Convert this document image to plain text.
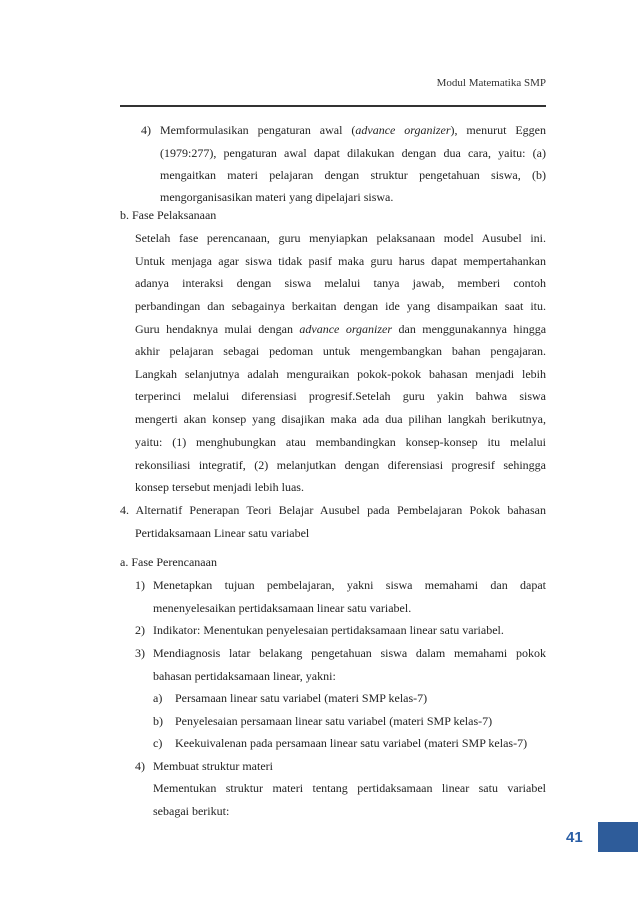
Modul Matematika SMP
4) Memformulasikan pengaturan awal (advance organizer), menurut Eggen
(1979:277), pengaturan awal dapat dilakukan dengan dua cara, yaitu: (a)
mengaitkan materi pelajaran dengan struktur pengetahuan siswa, (b)
mengorganisasikan materi yang dipelajari siswa.
b. Fase Pelaksanaan
Setelah fase perencanaan, guru menyiapkan pelaksanaan model Ausubel ini.
Untuk menjaga agar siswa tidak pasif maka guru harus dapat mempertahankan
adanya interaksi dengan siswa melalui tanya jawab, memberi contoh
perbandingan dan sebagainya berkaitan dengan ide yang disampaikan saat itu.
Guru hendaknya mulai dengan advance organizer dan menggunakannya hingga
akhir pelajaran sebagai pedoman untuk mengembangkan bahan pengajaran.
Langkah selanjutnya adalah menguraikan pokok-pokok bahasan menjadi lebih
terperinci melalui diferensiasi progresif.Setelah guru yakin bahwa siswa
mengerti akan konsep yang disajikan maka ada dua pilihan langkah berikutnya,
yaitu: (1) menghubungkan atau membandingkan konsep-konsep itu melalui
rekonsiliasi integratif, (2) melanjutkan dengan diferensiasi progresif sehingga
konsep tersebut menjadi lebih luas.
4. Alternatif Penerapan Teori Belajar Ausubel pada Pembelajaran Pokok bahasan
Pertidaksamaan Linear satu variabel
a. Fase Perencanaan
1) Menetapkan tujuan pembelajaran, yakni siswa memahami dan dapat
menenyelesaikan pertidaksamaan linear satu variabel.
2) Indikator: Menentukan penyelesaian pertidaksamaan linear satu variabel.
3) Mendiagnosis latar belakang pengetahuan siswa dalam memahami pokok
bahasan pertidaksamaan linear, yakni:
a) Persamaan linear satu variabel (materi SMP kelas-7)
b) Penyelesaian persamaan linear satu variabel (materi SMP kelas-7)
c) Keekuivalenan pada persamaan linear satu variabel (materi SMP kelas-7)
4) Membuat struktur materi
Mementukan struktur materi tentang pertidaksamaan linear satu variabel
sebagai berikut:
41
